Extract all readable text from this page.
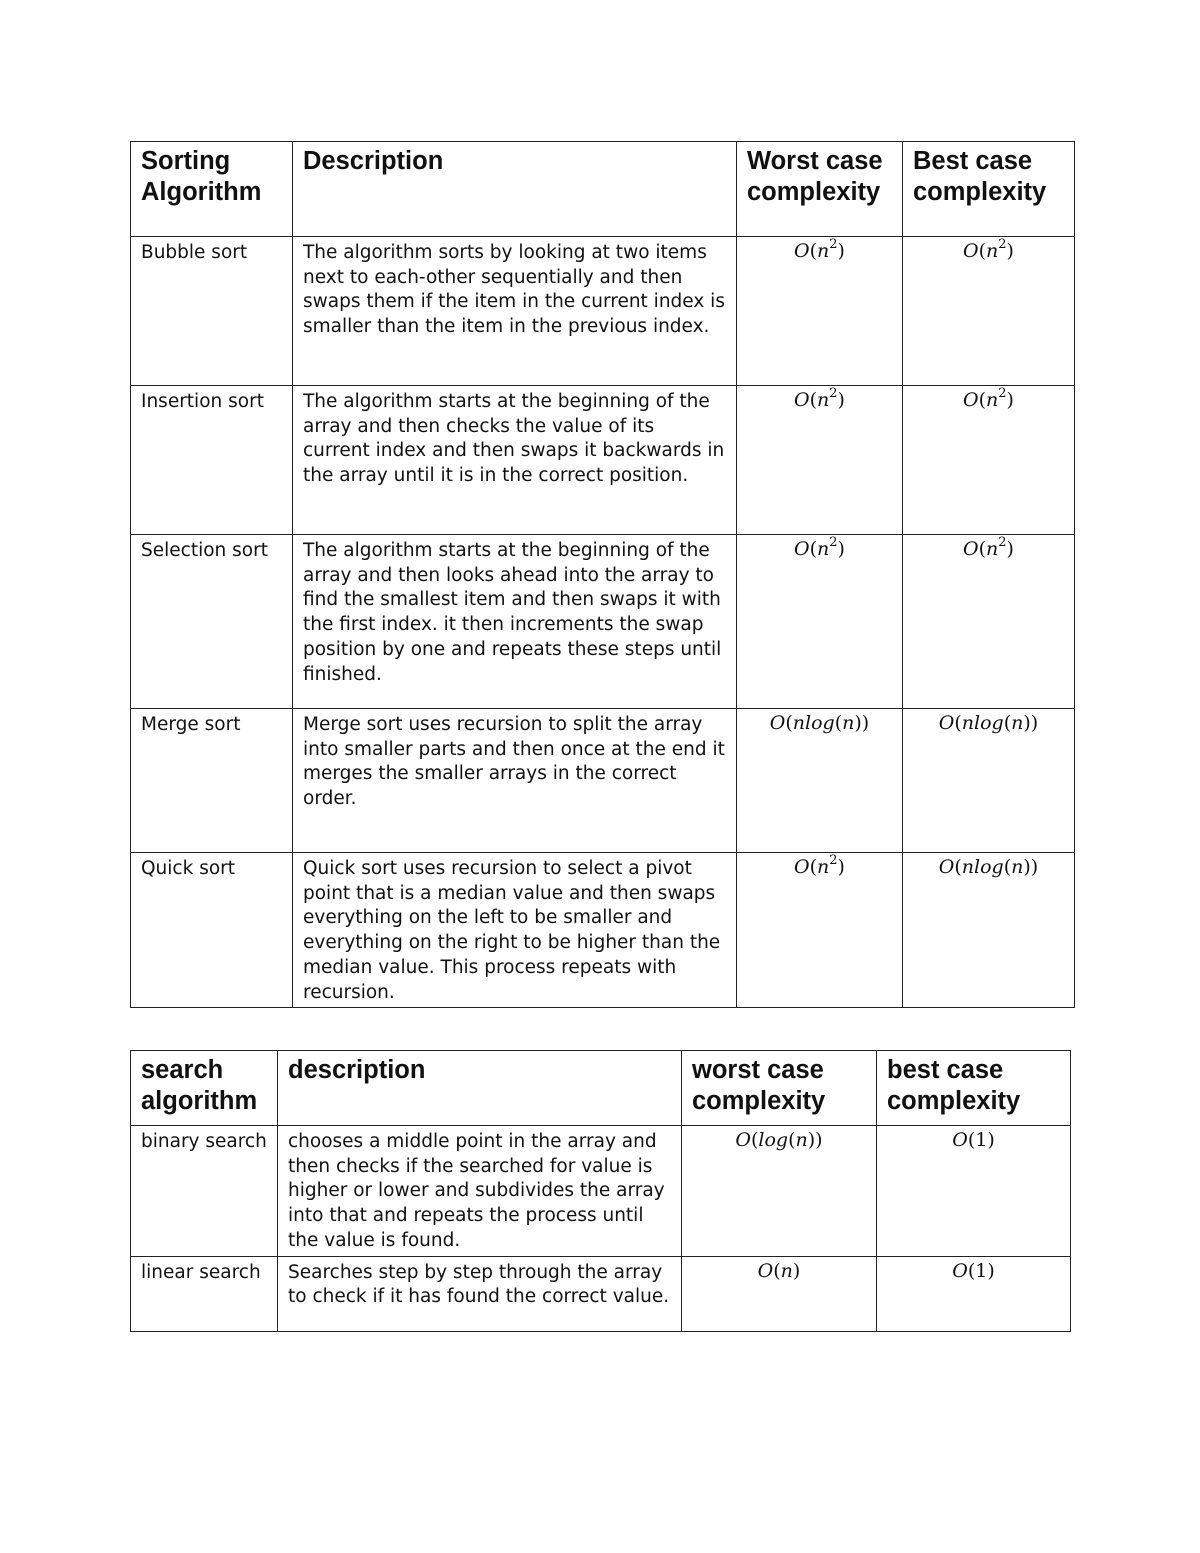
Sorting Algorithm	Description	Worst case complexity	Best case complexity
Bubble sort	The algorithm sorts by looking at two items next to each-other sequentially and then swaps them if the item in the current index is smaller than the item in the previous index.	$O(n^2)$	$O(n^2)$
Insertion sort	The algorithm starts at the beginning of the array and then checks the value of its current index and then swaps it backwards in the array until it is in the correct position.	$O(n^2)$	$O(n^2)$
Selection sort	The algorithm starts at the beginning of the array and then looks ahead into the array to find the smallest item and then swaps it with the first index. it then increments the swap position by one and repeats these steps until finished.	$O(n^2)$	$O(n^2)$
Merge sort	Merge sort uses recursion to split the array into smaller parts and then once at the end it merges the smaller arrays in the correct order.	O(nlog(n))	O(nlog(n))
Quick sort	Quick sort uses recursion to select a pivot point that is a median value and then swaps everything on the left to be smaller and everything on the right to be higher than the median value. This process repeats with recursion.	$O(n^2)$	O(nlog(n))
search algorithm	description	worst case complexity	best case complexity
binary search	chooses a middle point in the array and then checks if the searched for value is higher or lower and subdivides the array into that and repeats the process until the value is found.	O(log(n))	O(1)
linear search	Searches step by step through the array to check if it has found the correct value.	O(n)	O(1)
